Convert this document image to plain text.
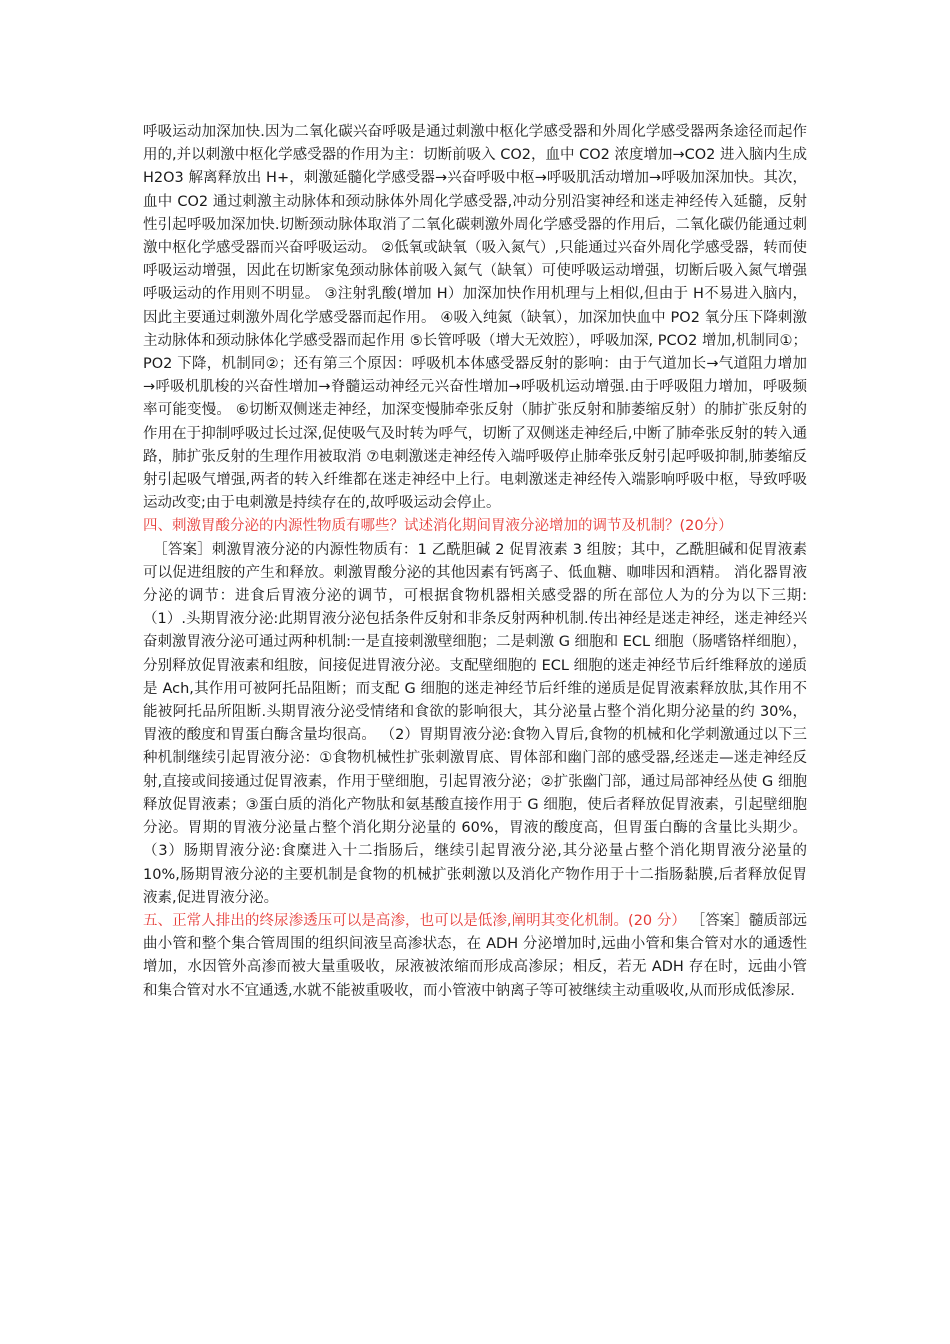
呼吸运动加深加快.因为二氧化碳兴奋呼吸是通过刺激中枢化学感受器和外周化学感受器两条途径而起作用的,并以刺激中枢化学感受器的作用为主：切断前吸入 CO2，血中 CO2 浓度增加→CO2 进入脑内生成 H2O3 解离释放出 H+，刺激延髓化学感受器→兴奋呼吸中枢→呼吸肌活动增加→呼吸加深加快。其次，血中 CO2 通过刺激主动脉体和颈动脉体外周化学感受器,冲动分别沿窦神经和迷走神经传入延髓，反射性引起呼吸加深加快.切断颈动脉体取消了二氧化碳刺激外周化学感受器的作用后，二氧化碳仍能通过刺激中枢化学感受器而兴奋呼吸运动。 ②低氧或缺氧（吸入氮气）,只能通过兴奋外周化学感受器，转而使呼吸运动增强，因此在切断家兔颈动脉体前吸入氮气（缺氧）可使呼吸运动增强，切断后吸入氮气增强呼吸运动的作用则不明显。 ③注射乳酸(增加 H）加深加快作用机理与上相似,但由于 H不易进入脑内，因此主要通过刺激外周化学感受器而起作用。 ④吸入纯氮（缺氧），加深加快血中 PO2 氧分压下降刺激主动脉体和颈动脉体化学感受器而起作用 ⑤长管呼吸（增大无效腔），呼吸加深, PCO2 增加,机制同①；PO2 下降，机制同②；还有第三个原因：呼吸机本体感受器反射的影响：由于气道加长→气道阻力增加→呼吸机肌梭的兴奋性增加→脊髓运动神经元兴奋性增加→呼吸机运动增强.由于呼吸阻力增加，呼吸频率可能变慢。 ⑥切断双侧迷走神经，加深变慢肺牵张反射（肺扩张反射和肺萎缩反射）的肺扩张反射的作用在于抑制呼吸过长过深,促使吸气及时转为呼气，切断了双侧迷走神经后,中断了肺牵张反射的转入通路，肺扩张反射的生理作用被取消 ⑦电刺激迷走神经传入端呼吸停止肺牵张反射引起呼吸抑制,肺萎缩反射引起吸气增强,两者的转入纤维都在迷走神经中上行。电刺激迷走神经传入端影响呼吸中枢，导致呼吸运动改变;由于电刺激是持续存在的,故呼吸运动会停止。

四、刺激胃酸分泌的内源性物质有哪些？试述消化期间胃液分泌增加的调节及机制？(20分）

［答案］刺激胃液分泌的内源性物质有：1 乙酰胆碱 2 促胃液素 3 组胺；其中，乙酰胆碱和促胃液素可以促进组胺的产生和释放。刺激胃酸分泌的其他因素有钙离子、低血糖、咖啡因和酒精。 消化器胃液分泌的调节：进食后胃液分泌的调节，可根据食物机器相关感受器的所在部位人为的分为以下三期:（1）.头期胃液分泌:此期胃液分泌包括条件反射和非条反射两种机制.传出神经是迷走神经，迷走神经兴奋刺激胃液分泌可通过两种机制:一是直接刺激壁细胞；二是刺激 G 细胞和 ECL 细胞（肠嗜铬样细胞），分别释放促胃液素和组胺，间接促进胃液分泌。支配壁细胞的 ECL 细胞的迷走神经节后纤维释放的递质是 Ach,其作用可被阿托品阻断；而支配 G 细胞的迷走神经节后纤维的递质是促胃液素释放肽,其作用不能被阿托品所阻断.头期胃液分泌受情绪和食欲的影响很大，其分泌量占整个消化期分泌量的约 30%，胃液的酸度和胃蛋白酶含量均很高。 （2）胃期胃液分泌:食物入胃后,食物的机械和化学刺激通过以下三种机制继续引起胃液分泌：①食物机械性扩张刺激胃底、胃体部和幽门部的感受器,经迷走—迷走神经反射,直接或间接通过促胃液素，作用于壁细胞，引起胃液分泌；②扩张幽门部，通过局部神经丛使 G 细胞释放促胃液素；③蛋白质的消化产物肽和氨基酸直接作用于 G 细胞，使后者释放促胃液素，引起壁细胞分泌。胃期的胃液分泌量占整个消化期分泌量的 60%，胃液的酸度高，但胃蛋白酶的含量比头期少。 （3）肠期胃液分泌:食糜进入十二指肠后，继续引起胃液分泌,其分泌量占整个消化期胃液分泌量的 10%,肠期胃液分泌的主要机制是食物的机械扩张刺激以及消化产物作用于十二指肠黏膜,后者释放促胃液素,促进胃液分泌。

五、正常人排出的终尿渗透压可以是高渗，也可以是低渗,阐明其变化机制。(20 分） ［答案］髓质部远曲小管和整个集合管周围的组织间液呈高渗状态，在 ADH 分泌增加时,远曲小管和集合管对水的通透性增加，水因管外高渗而被大量重吸收，尿液被浓缩而形成高渗尿；相反，若无 ADH 存在时，远曲小管和集合管对水不宜通透,水就不能被重吸收，而小管液中钠离子等可被继续主动重吸收,从而形成低渗尿.
